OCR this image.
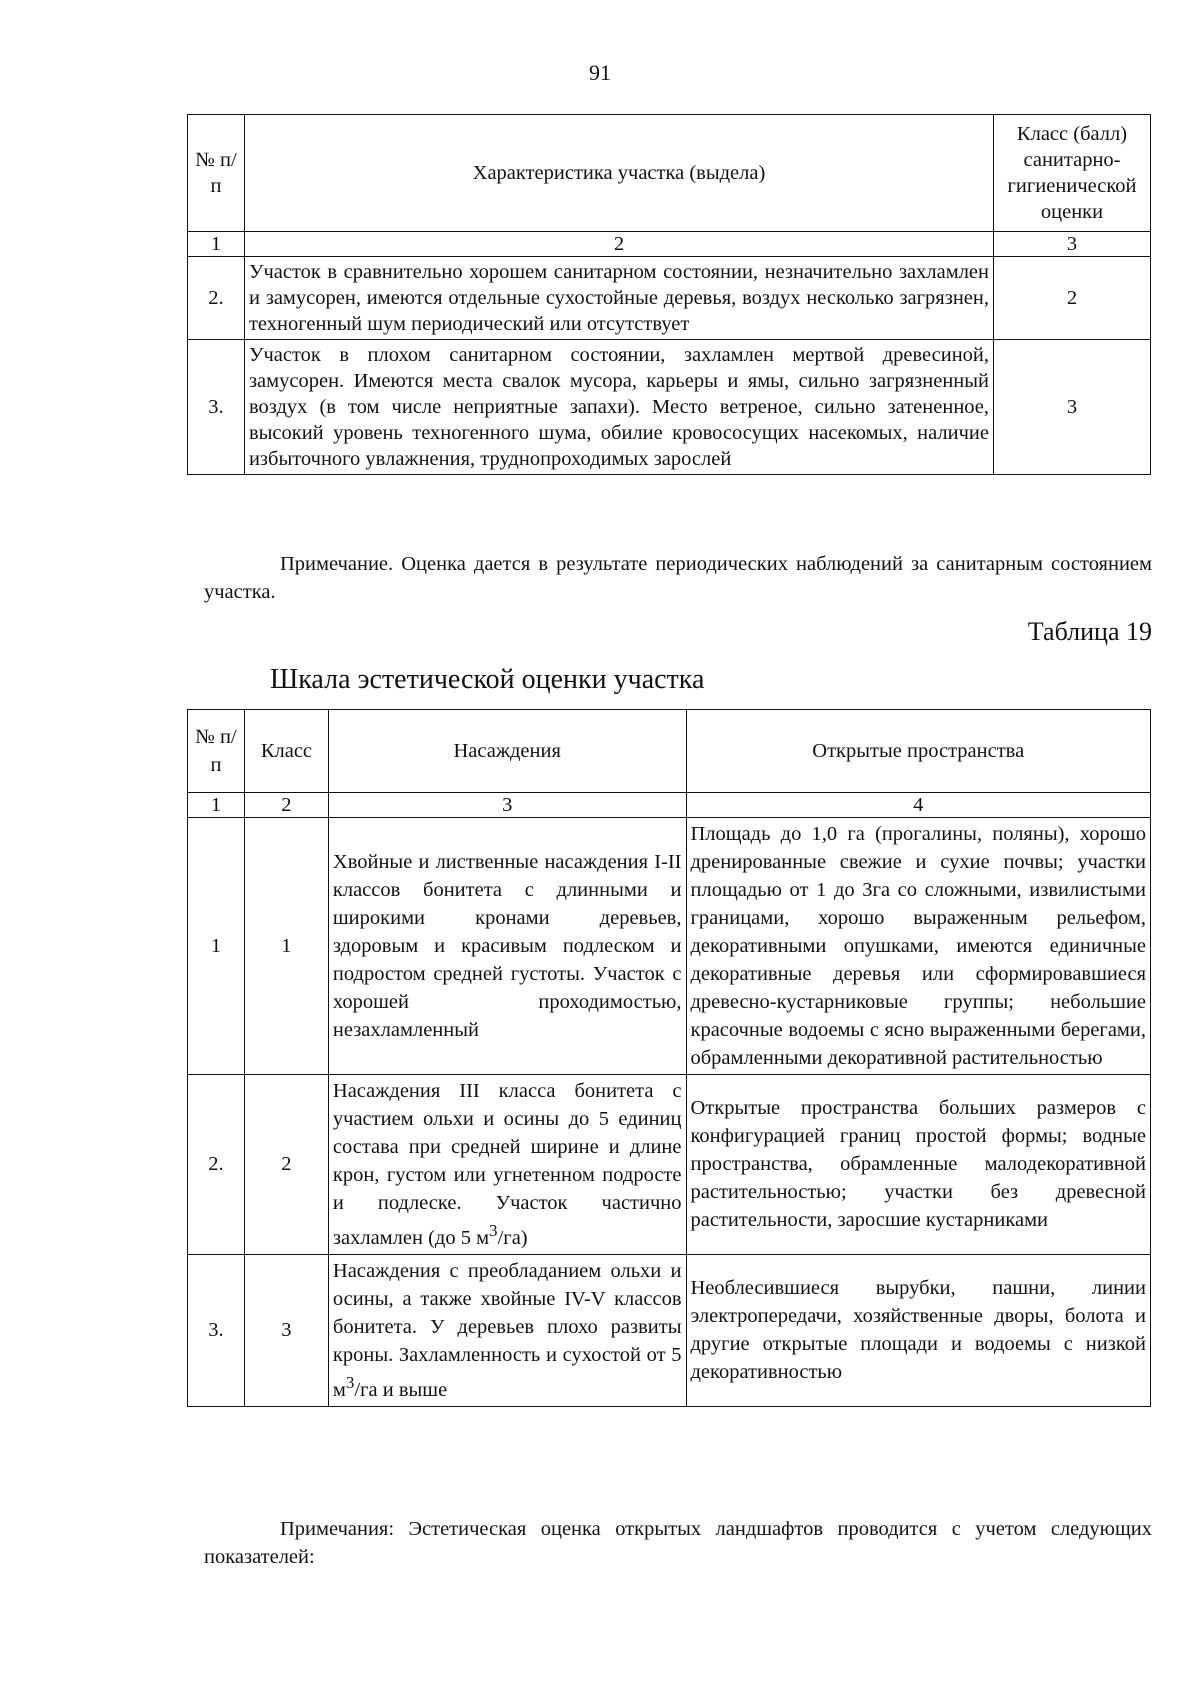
91
№ п/п	Характеристика участка (выдела)	Класс (балл) санитарно-гигиенической оценки
1	2	3
2.	Участок в сравнительно хорошем санитарном состоянии, незначительно захламлен и замусорен, имеются отдельные сухостойные деревья, воздух несколько загрязнен, техногенный шум периодический или отсутствует	2
3.	Участок в плохом санитарном состоянии, захламлен мертвой древесиной, замусорен. Имеются места свалок мусора, карьеры и ямы, сильно загрязненный воздух (в том числе неприятные запахи). Место ветреное, сильно затененное, высокий уровень техногенного шума, обилие кровососущих насекомых, наличие избыточного увлажнения, труднопроходимых зарослей	3
Примечание. Оценка дается в результате периодических наблюдений за санитарным состоянием участка.
Таблица 19
Шкала эстетической оценки участка
№ п/п	Класс	Насаждения	Открытые пространства
1	2	3	4
1	1	Хвойные и лиственные насаждения I-II классов бонитета с длинными и широкими кронами деревьев, здоровым и красивым подлеском и подростом средней густоты. Участок с хорошей проходимостью, незахламленный	Площадь до 1,0 га (прогалины, поляны), хорошо дренированные свежие и сухие почвы; участки площадью от 1 до 3га со сложными, извилистыми границами, хорошо выраженным рельефом, декоративными опушками, имеются единичные декоративные деревья или сформировавшиеся древесно-кустарниковые группы; небольшие красочные водоемы с ясно выраженными берегами, обрамленными декоративной растительностью
2.	2	Насаждения III класса бонитета с участием ольхи и осины до 5 единиц состава при средней ширине и длине крон, густом или угнетенном подросте и подлеске. Участок частично захламлен (до 5 $м^3/га$)	Открытые пространства больших размеров с конфигурацией границ простой формы; водные пространства, обрамленные малодекоративной растительностью; участки без древесной растительности, заросшие кустарниками
3.	3	Насаждения с преобладанием ольхи и осины, а также хвойные IV-V классов бонитета. У деревьев плохо развиты кроны. Захламленность и сухостой от 5 $м^3/га$ и выше	Необлесившиеся вырубки, пашни, линии электропередачи, хозяйственные дворы, болота и другие открытые площади и водоемы с низкой декоративностью
Примечания: Эстетическая оценка открытых ландшафтов проводится с учетом следующих показателей:
